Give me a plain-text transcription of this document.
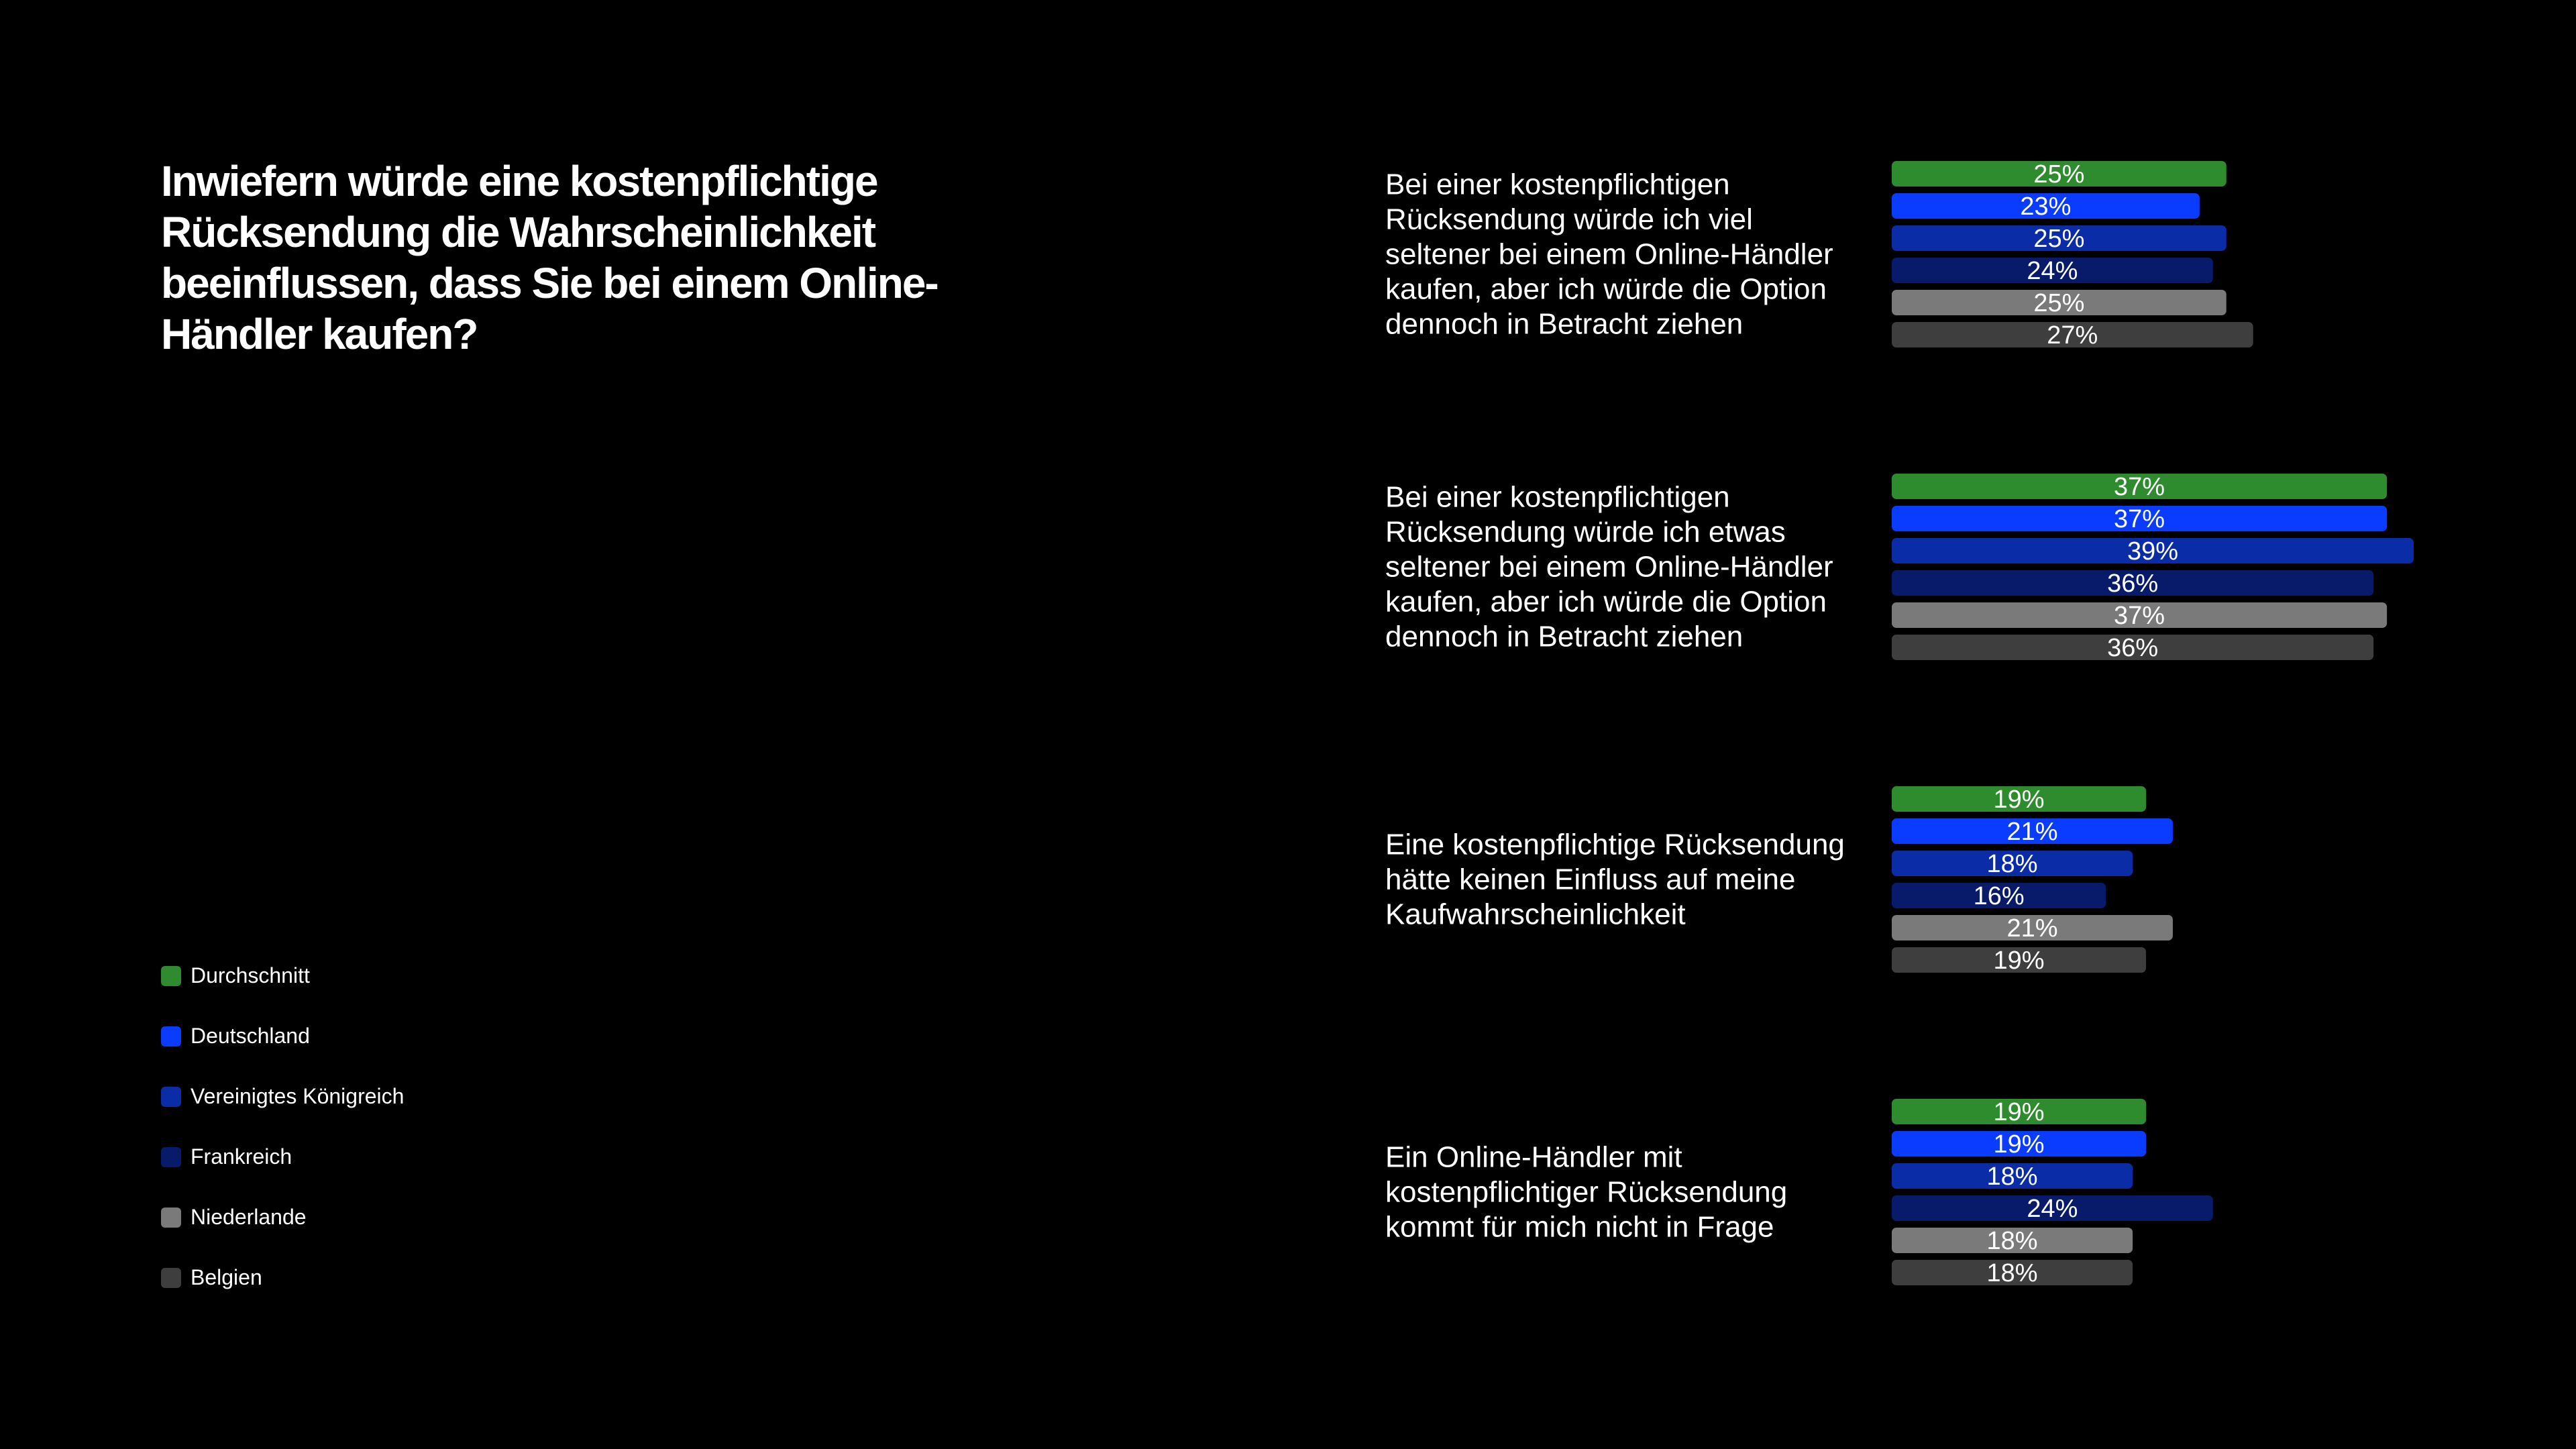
Inwiefern würde eine kostenpflichtige Rücksendung die Wahrscheinlichkeit beeinflussen, dass Sie bei einem Online-Händler kaufen?
Durchschnitt
Deutschland
Vereinigtes Königreich
Frankreich
Niederlande
Belgien
Bei einer kostenpflichtigen Rücksendung würde ich viel seltener bei einem Online-Händler kaufen, aber ich würde die Option dennoch in Betracht ziehen
25%
23%
25%
24%
25%
27%
Bei einer kostenpflichtigen Rücksendung würde ich etwas seltener bei einem Online-Händler kaufen, aber ich würde die Option dennoch in Betracht ziehen
37%
37%
39%
36%
37%
36%
Eine kostenpflichtige Rücksendung hätte keinen Einfluss auf meine Kaufwahrscheinlichkeit
19%
21%
18%
16%
21%
19%
Ein Online-Händler mit kostenpflichtiger Rücksendung kommt für mich nicht in Frage
19%
19%
18%
24%
18%
18%
